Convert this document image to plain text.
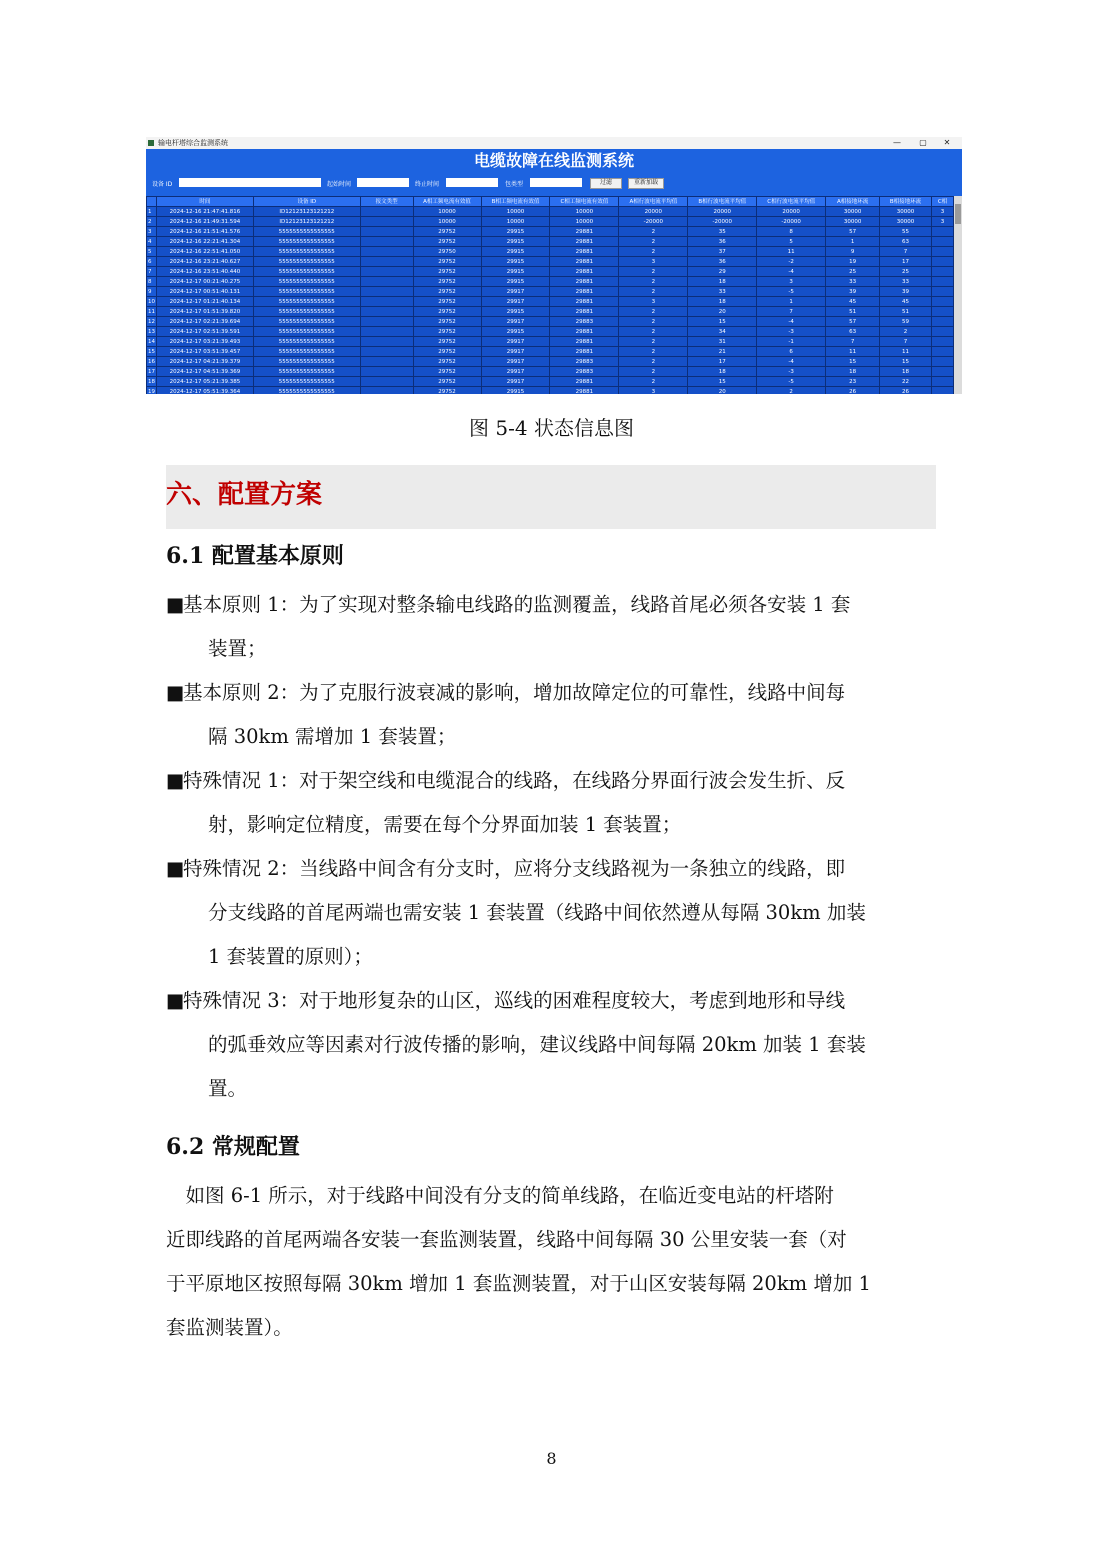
输电杆塔综合监测系统	—	▢	✕
电缆故障在线监测系统
设备 ID	起始时间	终止时间	包类型	过滤	重新加载
	时间	设备 ID	报文类型	A相工频电流有效值	B相工频电流有效值	C相工频电流有效值	A相行波电流平均值	B相行波电流平均值	C相行波电流平均值	A相接地环流	B相接地环流	C相
1	2024-12-16 21:47:41.816	ID12123123121212		10000	10000	10000	20000	20000	20000	30000	30000	3
2	2024-12-16 21:49:31.594	ID12123123121212		10000	10000	10000	-20000	-20000	-20000	30000	30000	3
3	2024-12-16 21:51:41.576	5555555555555555		29752	29915	29881	2	35	8	57	55	
4	2024-12-16 22:21:41.304	5555555555555555		29752	29915	29881	2	36	5	1	63	
5	2024-12-16 22:51:41.050	5555555555555555		29750	29915	29881	2	37	11	9	7	
6	2024-12-16 23:21:40.627	5555555555555555		29752	29915	29881	3	36	-2	19	17	
7	2024-12-16 23:51:40.440	5555555555555555		29752	29915	29881	2	29	-4	25	25	
8	2024-12-17 00:21:40.275	5555555555555555		29752	29915	29881	2	18	3	33	33	
9	2024-12-17 00:51:40.131	5555555555555555		29752	29917	29881	2	33	-5	39	39	
10	2024-12-17 01:21:40.134	5555555555555555		29752	29917	29881	3	18	1	45	45	
11	2024-12-17 01:51:39.820	5555555555555555		29752	29915	29881	2	20	7	51	51	
12	2024-12-17 02:21:39.694	5555555555555555		29752	29917	29883	2	15	-4	57	59	
13	2024-12-17 02:51:39.591	5555555555555555		29752	29915	29881	2	34	-3	63	2	
14	2024-12-17 03:21:39.493	5555555555555555		29752	29917	29881	2	31	-1	7	7	
15	2024-12-17 03:51:39.457	5555555555555555		29752	29917	29881	2	21	6	11	11	
16	2024-12-17 04:21:39.379	5555555555555555		29752	29917	29883	2	17	-4	15	15	
17	2024-12-17 04:51:39.369	5555555555555555		29752	29917	29883	2	18	-3	18	18	
18	2024-12-17 05:21:39.385	5555555555555555		29752	29917	29881	2	15	-5	23	22	
19	2024-12-17 05:51:39.364	5555555555555555		29752	29915	29881	3	20	2	26	26	
图 5-4 状态信息图
六、配置方案
6.1 配置基本原则
■
基本原则 1：为了实现对整条输电线路的监测覆盖，线路首尾必须各安装 1 套
装置；
■
基本原则 2：为了克服行波衰减的影响，增加故障定位的可靠性，线路中间每
隔 30km 需增加 1 套装置；
■
特殊情况 1：对于架空线和电缆混合的线路，在线路分界面行波会发生折、反
射，影响定位精度，需要在每个分界面加装 1 套装置；
■
特殊情况 2：当线路中间含有分支时，应将分支线路视为一条独立的线路，即
分支线路的首尾两端也需安装 1 套装置（线路中间依然遵从每隔 30km 加装
1 套装置的原则）；
■
特殊情况 3：对于地形复杂的山区，巡线的困难程度较大，考虑到地形和导线
的弧垂效应等因素对行波传播的影响，建议线路中间每隔 20km 加装 1 套装
置。
6.2 常规配置
　如图 6-1 所示，对于线路中间没有分支的简单线路，在临近变电站的杆塔附
近即线路的首尾两端各安装一套监测装置，线路中间每隔 30 公里安装一套（对
于平原地区按照每隔 30km 增加 1 套监测装置，对于山区安装每隔 20km 增加 1
套监测装置）。
8
